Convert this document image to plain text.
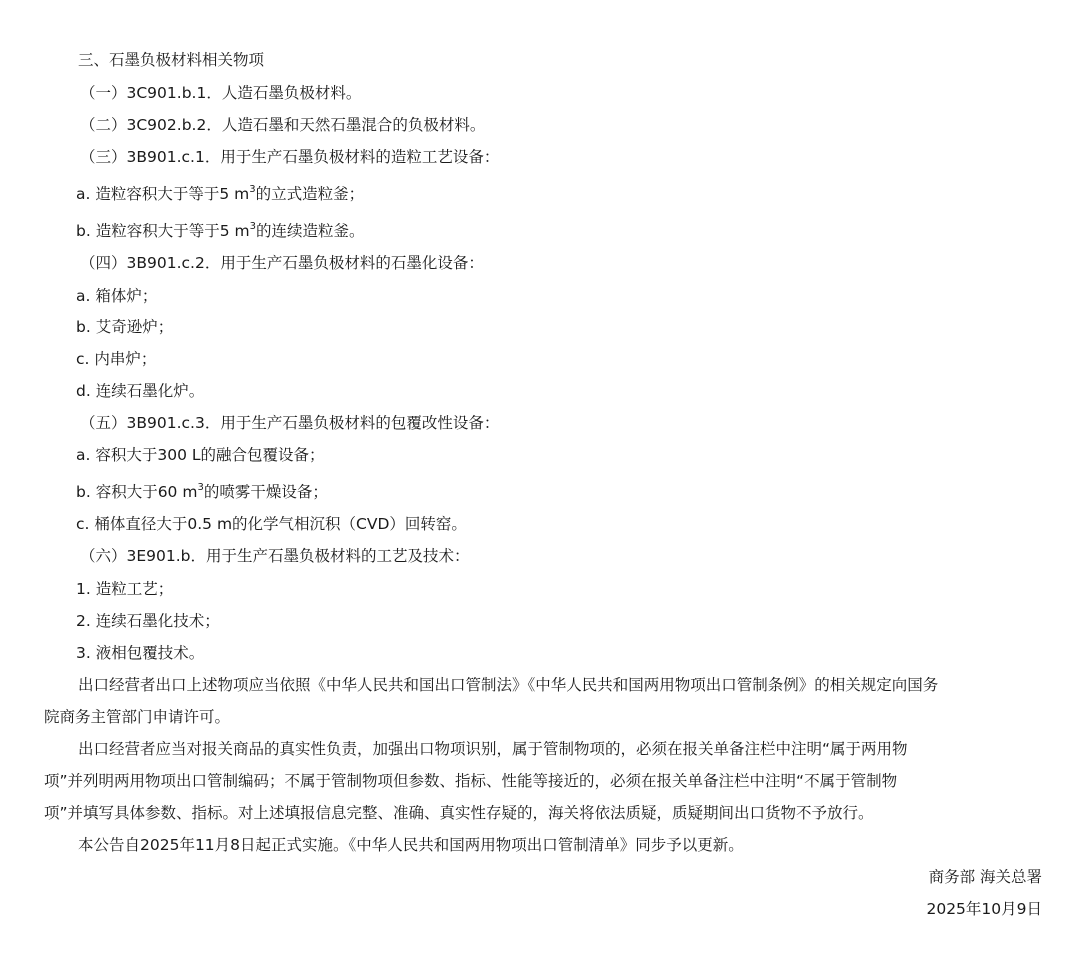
三、石墨负极材料相关物项
（一）3C901.b.1．人造石墨负极材料。
（二）3C902.b.2．人造石墨和天然石墨混合的负极材料。
（三）3B901.c.1．用于生产石墨负极材料的造粒工艺设备：
a. 造粒容积大于等于5 $m^3$的立式造粒釜；
b. 造粒容积大于等于5 $m^3$的连续造粒釜。
（四）3B901.c.2．用于生产石墨负极材料的石墨化设备：
a. 箱体炉；
b. 艾奇逊炉；
c. 内串炉；
d. 连续石墨化炉。
（五）3B901.c.3．用于生产石墨负极材料的包覆改性设备：
a. 容积大于300 L的融合包覆设备；
b. 容积大于60 $m^3$的喷雾干燥设备；
c. 桶体直径大于0.5 m的化学气相沉积（CVD）回转窑。
（六）3E901.b．用于生产石墨负极材料的工艺及技术：
1. 造粒工艺；
2. 连续石墨化技术；
3. 液相包覆技术。
出口经营者出口上述物项应当依照《中华人民共和国出口管制法》《中华人民共和国两用物项出口管制条例》的相关规定向国务
院商务主管部门申请许可。
出口经营者应当对报关商品的真实性负责，加强出口物项识别，属于管制物项的，必须在报关单备注栏中注明“属于两用物
项”并列明两用物项出口管制编码；不属于管制物项但参数、指标、性能等接近的，必须在报关单备注栏中注明“不属于管制物
项”并填写具体参数、指标。对上述填报信息完整、准确、真实性存疑的，海关将依法质疑，质疑期间出口货物不予放行。
本公告自2025年11月8日起正式实施。《中华人民共和国两用物项出口管制清单》同步予以更新。
商务部 海关总署
2025年10月9日
